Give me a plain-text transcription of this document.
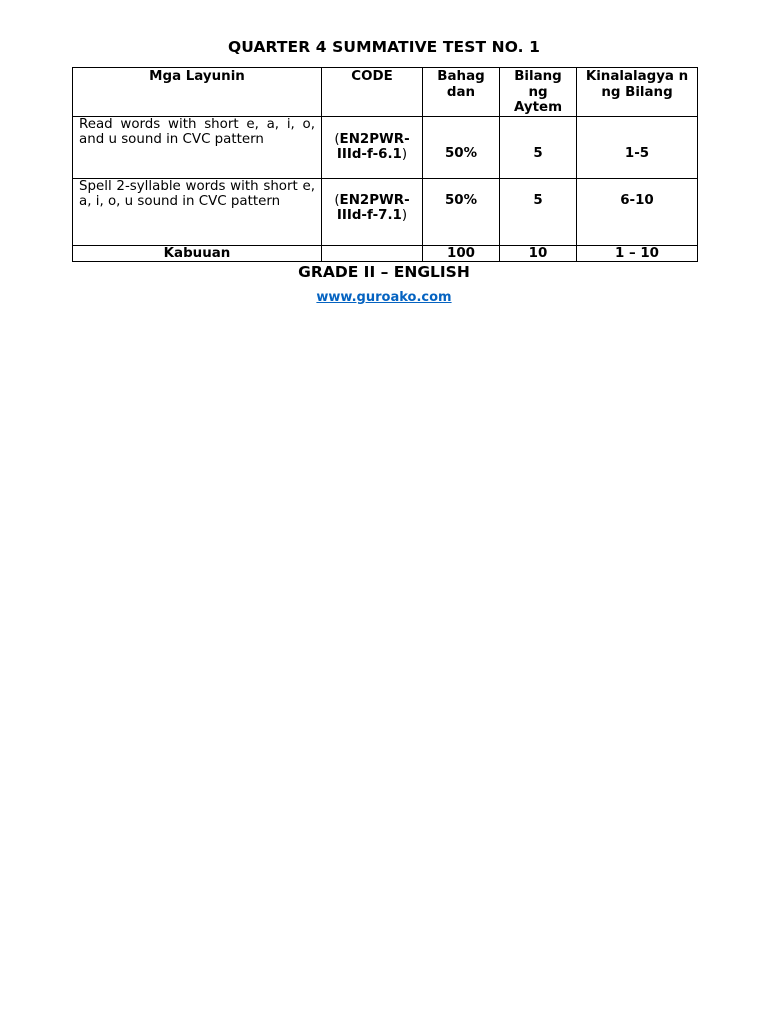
QUARTER 4 SUMMATIVE TEST NO. 1
Mga Layunin	CODE	Bahag dan	Bilang ng Aytem	Kinalalagya n ng Bilang
Read words with short e, a, i, o, and u sound in CVC pattern	(EN2PWR-IIId-f-6.1)	50%	5	1-5
Spell 2-syllable words with short e, a, i, o, u sound in CVC pattern	(EN2PWR-IIId-f-7.1)	50%	5	6-10
Kabuuan		100	10	1 – 10
GRADE II – ENGLISH
www.guroako.com
